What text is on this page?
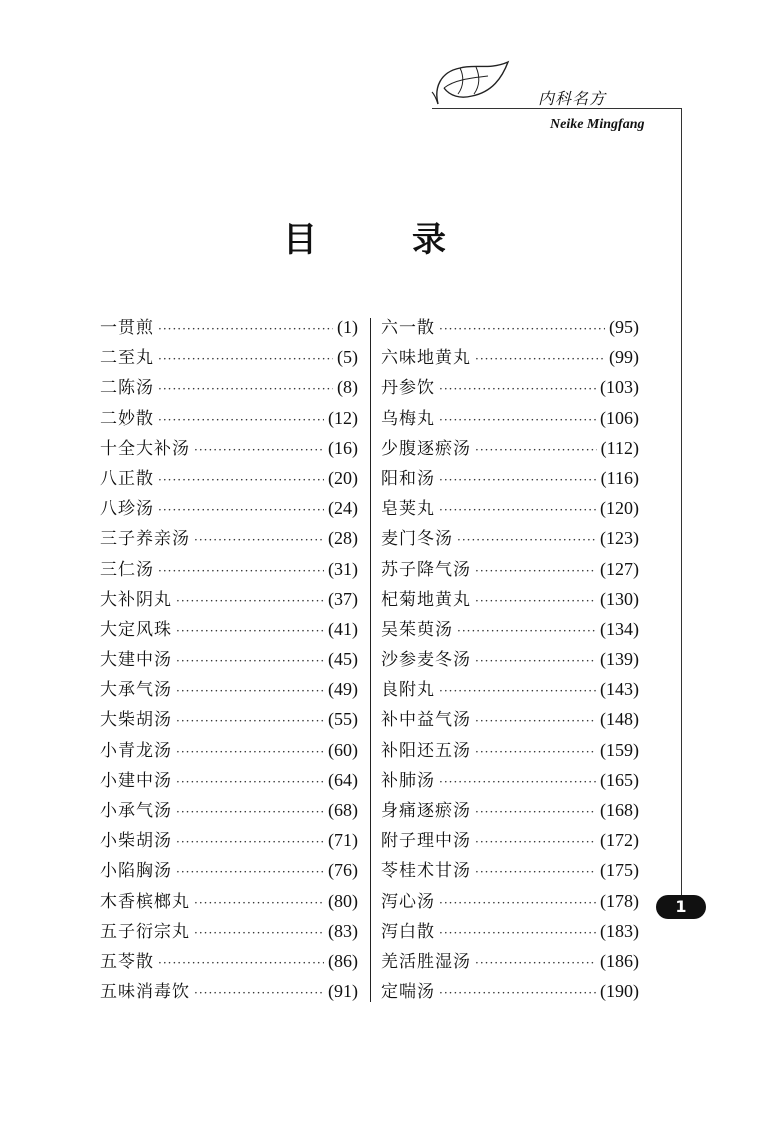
内科名方
Neike Mingfang
目	录
一贯煎 ·····	(1)
二至丸 ·····	(5)
二陈汤 ·····	(8)
二妙散 ·····	(12)
十全大补汤 ·····	(16)
八正散 ·····	(20)
八珍汤 ·····	(24)
三子养亲汤 ·····	(28)
三仁汤 ·····	(31)
大补阴丸 ·····	(37)
大定风珠 ·····	(41)
大建中汤 ·····	(45)
大承气汤 ·····	(49)
大柴胡汤 ·····	(55)
小青龙汤 ·····	(60)
小建中汤 ·····	(64)
小承气汤 ·····	(68)
小柴胡汤 ·····	(71)
小陷胸汤 ·····	(76)
木香槟榔丸 ·····	(80)
五子衍宗丸 ·····	(83)
五苓散 ·····	(86)
五味消毒饮 ·····	(91)
六一散 ·····	(95)
六味地黄丸 ·····	(99)
丹参饮 ·····	(103)
乌梅丸 ·····	(106)
少腹逐瘀汤 ·····	(112)
阳和汤 ·····	(116)
皂荚丸 ·····	(120)
麦门冬汤 ·····	(123)
苏子降气汤 ·····	(127)
杞菊地黄丸 ·····	(130)
吴茱萸汤 ·····	(134)
沙参麦冬汤 ·····	(139)
良附丸 ·····	(143)
补中益气汤 ·····	(148)
补阳还五汤 ·····	(159)
补肺汤 ·····	(165)
身痛逐瘀汤 ·····	(168)
附子理中汤 ·····	(172)
苓桂术甘汤 ·····	(175)
泻心汤 ·····	(178)
泻白散 ·····	(183)
羌活胜湿汤 ·····	(186)
定喘汤 ·····	(190)
1
